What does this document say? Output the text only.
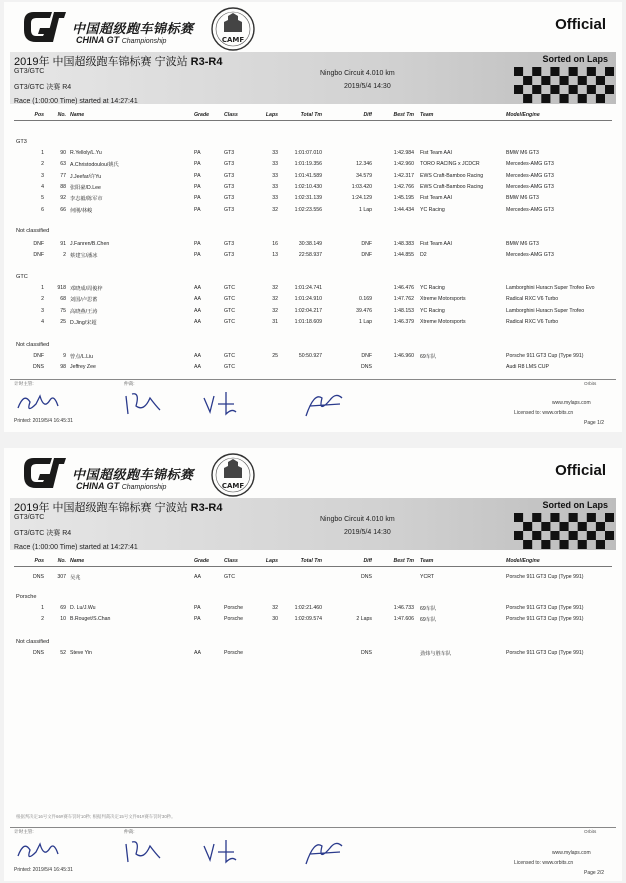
中国超级跑车锦标赛
CHINA GT Championship	CAMF
Official
2019年 中国超级跑车锦标赛 宁波站 R3-R4	Sorted on Laps
GT3/GTC
GT3/GTC 决赛 R4
Ningbo Circuit 4.010 km
2019/5/4 14:30
Race (1:00:00 Time) started at 14:27:41
Pos	No. Name	Grade	Class	Laps	Total Tm	Diff	Best Tm Team	Model/Engine
GT3
1	90 R.Yelloly/L.Yu	PA	GT3	33	1:01:07.010	1:42.984 Fist Team AAI	BMW M6 GT3
2	63 A.Christodoulou/姚氏	PA	GT3	33	1:01:19.356	12.346	1:42.960 TORO RACING x JCDCR	Mercedes-AMG GT3
3	77 J.Jeefar/许Yu	PA	GT3	33	1:01:41.589	34.579	1:42.317 EWS Craft-Bamboo Racing	Mercedes-AMG GT3
4	88 张阳豪/D.Lee	PA	GT3	33	1:02:10.430	1:03.420	1:42.766 EWS Craft-Bamboo Racing	Mercedes-AMG GT3
5	92 李志毅/陈军市	PA	GT3	33	1:02:31.139	1:24.129	1:45.195 Fist Team AAI	BMW M6 GT3
6	66 何刚/林峻	PA	GT3	32	1:02:23.556	1 Lap	1:44.434 YC Racing	Mercedes-AMG GT3
Not classified
DNF	91 J.Fanren/B.Chen	PA	GT3	16	30:38.149	DNF	1:48.383 Fist Team AAI	BMW M6 GT3
DNF	2 蔡建宝/潘冰	PA	GT3	13	22:58.937	DNF	1:44.855 D2	Mercedes-AMG GT3
GTC
1	918 邓晓成/周俊梓	AA	GTC	32	1:01:24.741	1:46.476 YC Racing	Lamborghini Huracn Super Trofeo Evo
2	68 刘国/卢思蓄	AA	GTC	32	1:01:24.910	0.169	1:47.762 Xtreme Motorsports	Radical RXC V6 Turbo
3	75 高晓燕/王涛	AA	GTC	32	1:02:04.217	39.476	1:48.153 YC Racing	Lamborghini Huracn Super Trofeo
4	25 D.Jing/宋超	AA	GTC	31	1:01:18.609	1 Lap	1:46.379 Xtreme Motorsports	Radical RXC V6 Turbo
Not classified
DNF	9 曾点/L.Liu	AA	GTC	25	50:50.927	DNF	1:46.960 69车队	Porsche 911 GT3 Cup (Type 991)
DNS	98 Jeffrey Zee	AA	GTC	DNS	Audi R8 LMS CUP
计时主管:	仲裁:	Orbits
Printed: 2019/5/4 16:45:31
www.mylaps.com
Licensed to: www.orbits.cn
Page 1/2
中国超级跑车锦标赛
CHINA GT Championship	CAMF
Official
2019年 中国超级跑车锦标赛 宁波站 R3-R4	Sorted on Laps
GT3/GTC
GT3/GTC 决赛 R4
Ningbo Circuit 4.010 km
2019/5/4 14:30
Race (1:00:00 Time) started at 14:27:41
Pos	No. Name	Grade	Class	Laps	Total Tm	Diff	Best Tm Team	Model/Engine
DNS	307 吴兆	AA	GTC	DNS	YCRT	Porsche 911 GT3 Cup (Type 991)
Porsche
1	69 D. Lu/J.Wu	PA	Porsche	32	1:02:21.460	1:46.733 69车队	Porsche 911 GT3 Cup (Type 991)
2	10 B.Rouget/S.Chan	PA	Porsche	30	1:02:09.574	2 Laps	1:47.606 69车队	Porsche 911 GT3 Cup (Type 991)
Not classified
DNS	52 Steve Yin	AA	Porsche	DNS	劲炜与胜车队	Porsche 911 GT3 Cup (Type 991)
根据判决定16号文件66#赛车罚时10秒; 根据判裁决定15号文件91#赛车罚时30秒。
计时主管:	仲裁:	Orbits
Printed: 2019/5/4 16:45:31
www.mylaps.com
Licensed to: www.orbits.cn
Page 2/2
